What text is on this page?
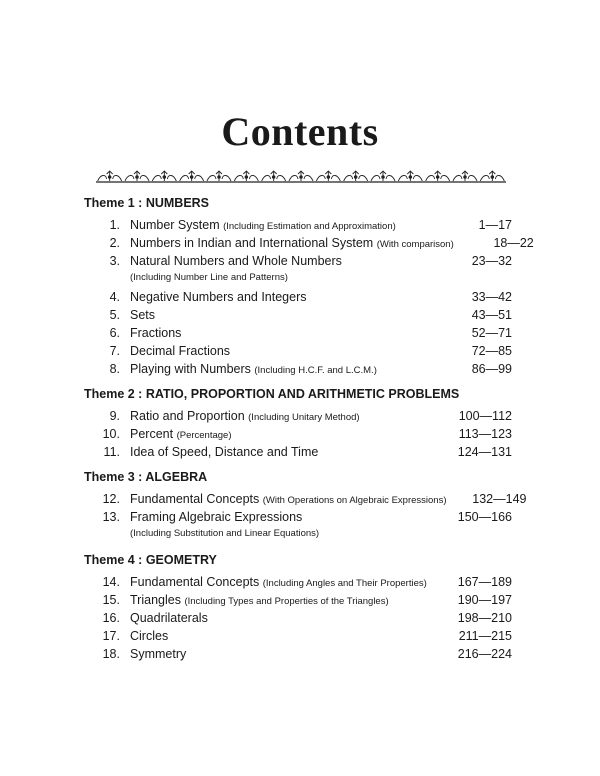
Contents
Theme 1 : NUMBERS
1. Number System (Including Estimation and Approximation)	1—17
2. Numbers in Indian and International System (With comparison)	18—22
3. Natural Numbers and Whole Numbers	23—32
(Including Number Line and Patterns)
4. Negative Numbers and Integers	33—42
5. Sets	43—51
6. Fractions	52—71
7. Decimal Fractions	72—85
8. Playing with Numbers (Including H.C.F. and L.C.M.)	86—99
Theme 2 : RATIO, PROPORTION AND ARITHMETIC PROBLEMS
9. Ratio and Proportion (Including Unitary Method)	100—112
10. Percent (Percentage)	113—123
11. Idea of Speed, Distance and Time	124—131
Theme 3 : ALGEBRA
12. Fundamental Concepts (With Operations on Algebraic Expressions)	132—149
13. Framing Algebraic Expressions	150—166
(Including Substitution and Linear Equations)
Theme 4 : GEOMETRY
14. Fundamental Concepts (Including Angles and Their Properties)	167—189
15. Triangles (Including Types and Properties of the Triangles)	190—197
16. Quadrilaterals	198—210
17. Circles	211—215
18. Symmetry	216—224
